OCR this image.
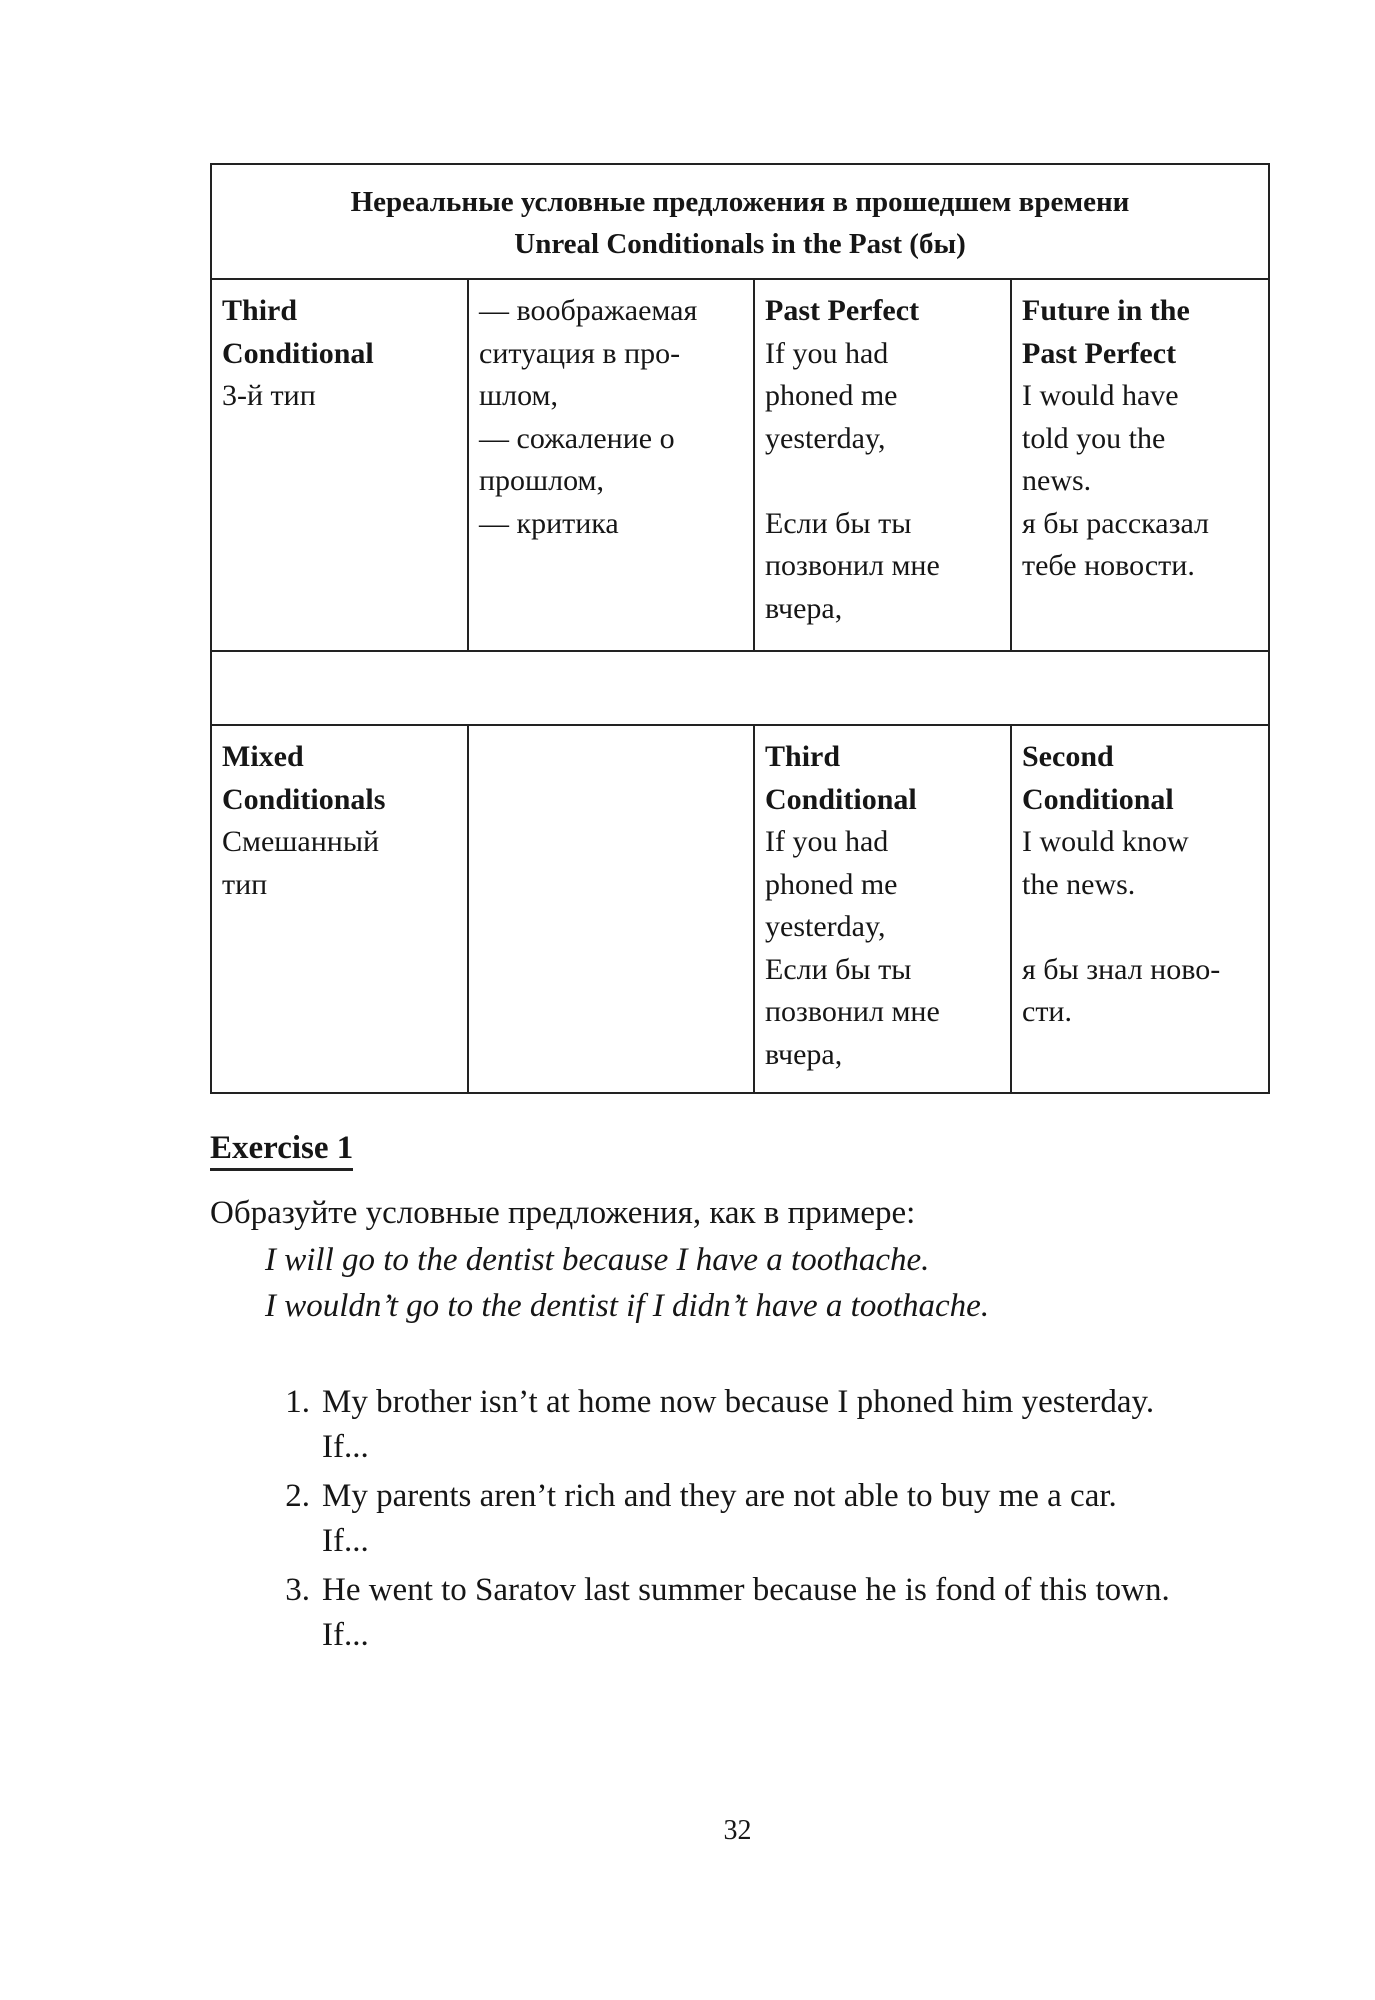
Нереальные условные предложения в прошедшем времени
Unreal Conditionals in the Past (бы)
Third
Conditional
3-й тип
— воображаемая
ситуация в про-
шлом,
— сожаление о
прошлом,
— критика
Past Perfect
If you had
phoned me
yesterday,
Если бы ты
позвонил мне
вчера,
Future in the
Past Perfect
I would have
told you the
news.
я бы рассказал
тебе новости.
Mixed
Conditionals
Смешанный
тип
Third
Conditional
If you had
phoned me
yesterday,
Если бы ты
позвонил мне
вчера,
Second
Conditional
I would know
the news.
я бы знал ново-
сти.
Exercise 1
Образуйте условные предложения, как в примере:
I will go to the dentist because I have a toothache.
I wouldn’t go to the dentist if I didn’t have a toothache.
1. My brother isn’t at home now because I phoned him yesterday.
If...
2. My parents aren’t rich and they are not able to buy me a car.
If...
3. He went to Saratov last summer because he is fond of this town.
If...
32
